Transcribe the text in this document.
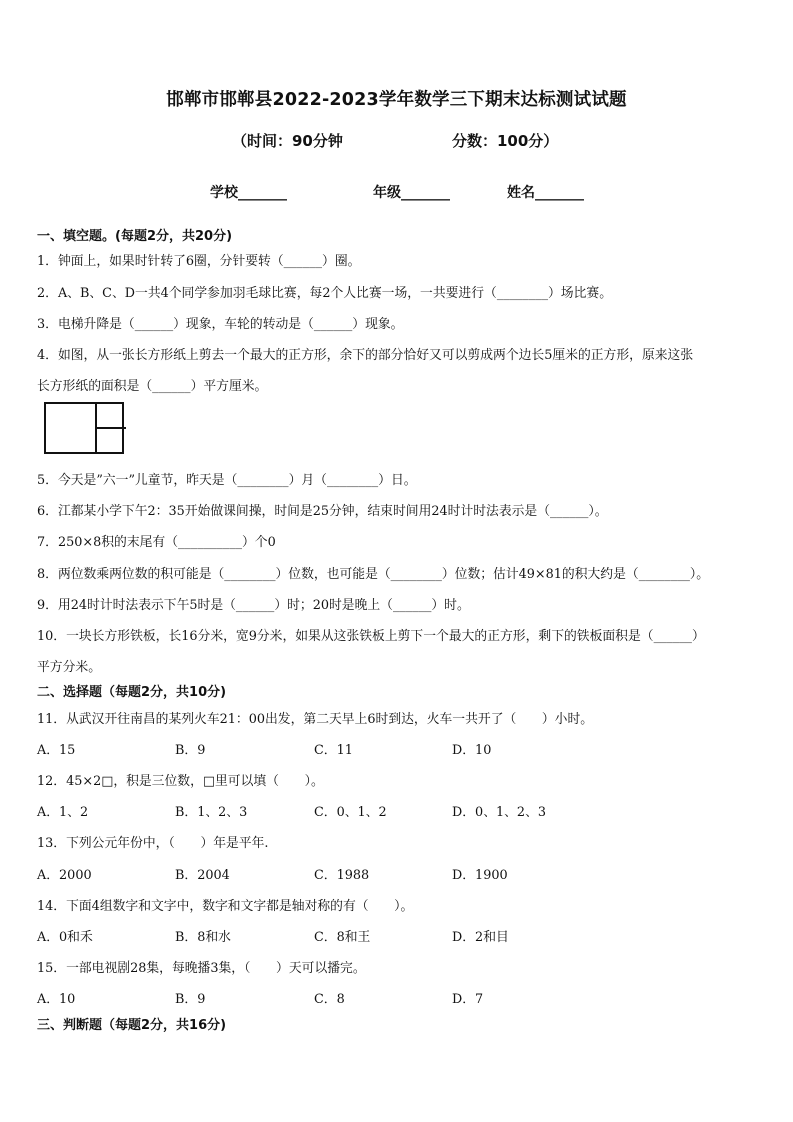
邯郸市邯郸县2022-2023学年数学三下期末达标测试试题
（时间：90分钟	分数：100分）
学校_______	年级_______	姓名_______
一、填空题。(每题2分，共20分)
1．钟面上，如果时针转了6圈，分针要转（______）圈。
2．A、B、C、D一共4个同学参加羽毛球比赛，每2个人比赛一场，一共要进行（________）场比赛。
3．电梯升降是（______）现象，车轮的转动是（______）现象。
4．如图，从一张长方形纸上剪去一个最大的正方形，余下的部分恰好又可以剪成两个边长5厘米的正方形，原来这张
长方形纸的面积是（______）平方厘米。
5．今天是”六一”儿童节，昨天是（________）月（________）日。
6．江都某小学下午2：35开始做课间操，时间是25分钟，结束时间用24时计时法表示是（______）。
7．250×8积的末尾有（__________）个0
8．两位数乘两位数的积可能是（________）位数，也可能是（________）位数；估计49×81的积大约是（________）。
9．用24时计时法表示下午5时是（______）时；20时是晚上（______）时。
10．一块长方形铁板，长16分米，宽9分米，如果从这张铁板上剪下一个最大的正方形，剩下的铁板面积是（______）
平方分米。
二、选择题（每题2分，共10分)
11．从武汉开往南昌的某列火车21：00出发，第二天早上6时到达，火车一共开了（　　）小时。
A．15	B．9	C．11	D．10
12．45×2□，积是三位数，□里可以填（　　）。
A．1、2	B．1、2、3	C．0、1、2	D．0、1、2、3
13．下列公元年份中，（　　）年是平年.
A．2000	B．2004	C．1988	D．1900
14．下面4组数字和文字中，数字和文字都是轴对称的有（　　）。
A．0和禾	B．8和水	C．8和王	D．2和目
15．一部电视剧28集，每晚播3集，（　　）天可以播完。
A．10	B．9	C．8	D．7
三、判断题（每题2分，共16分)
